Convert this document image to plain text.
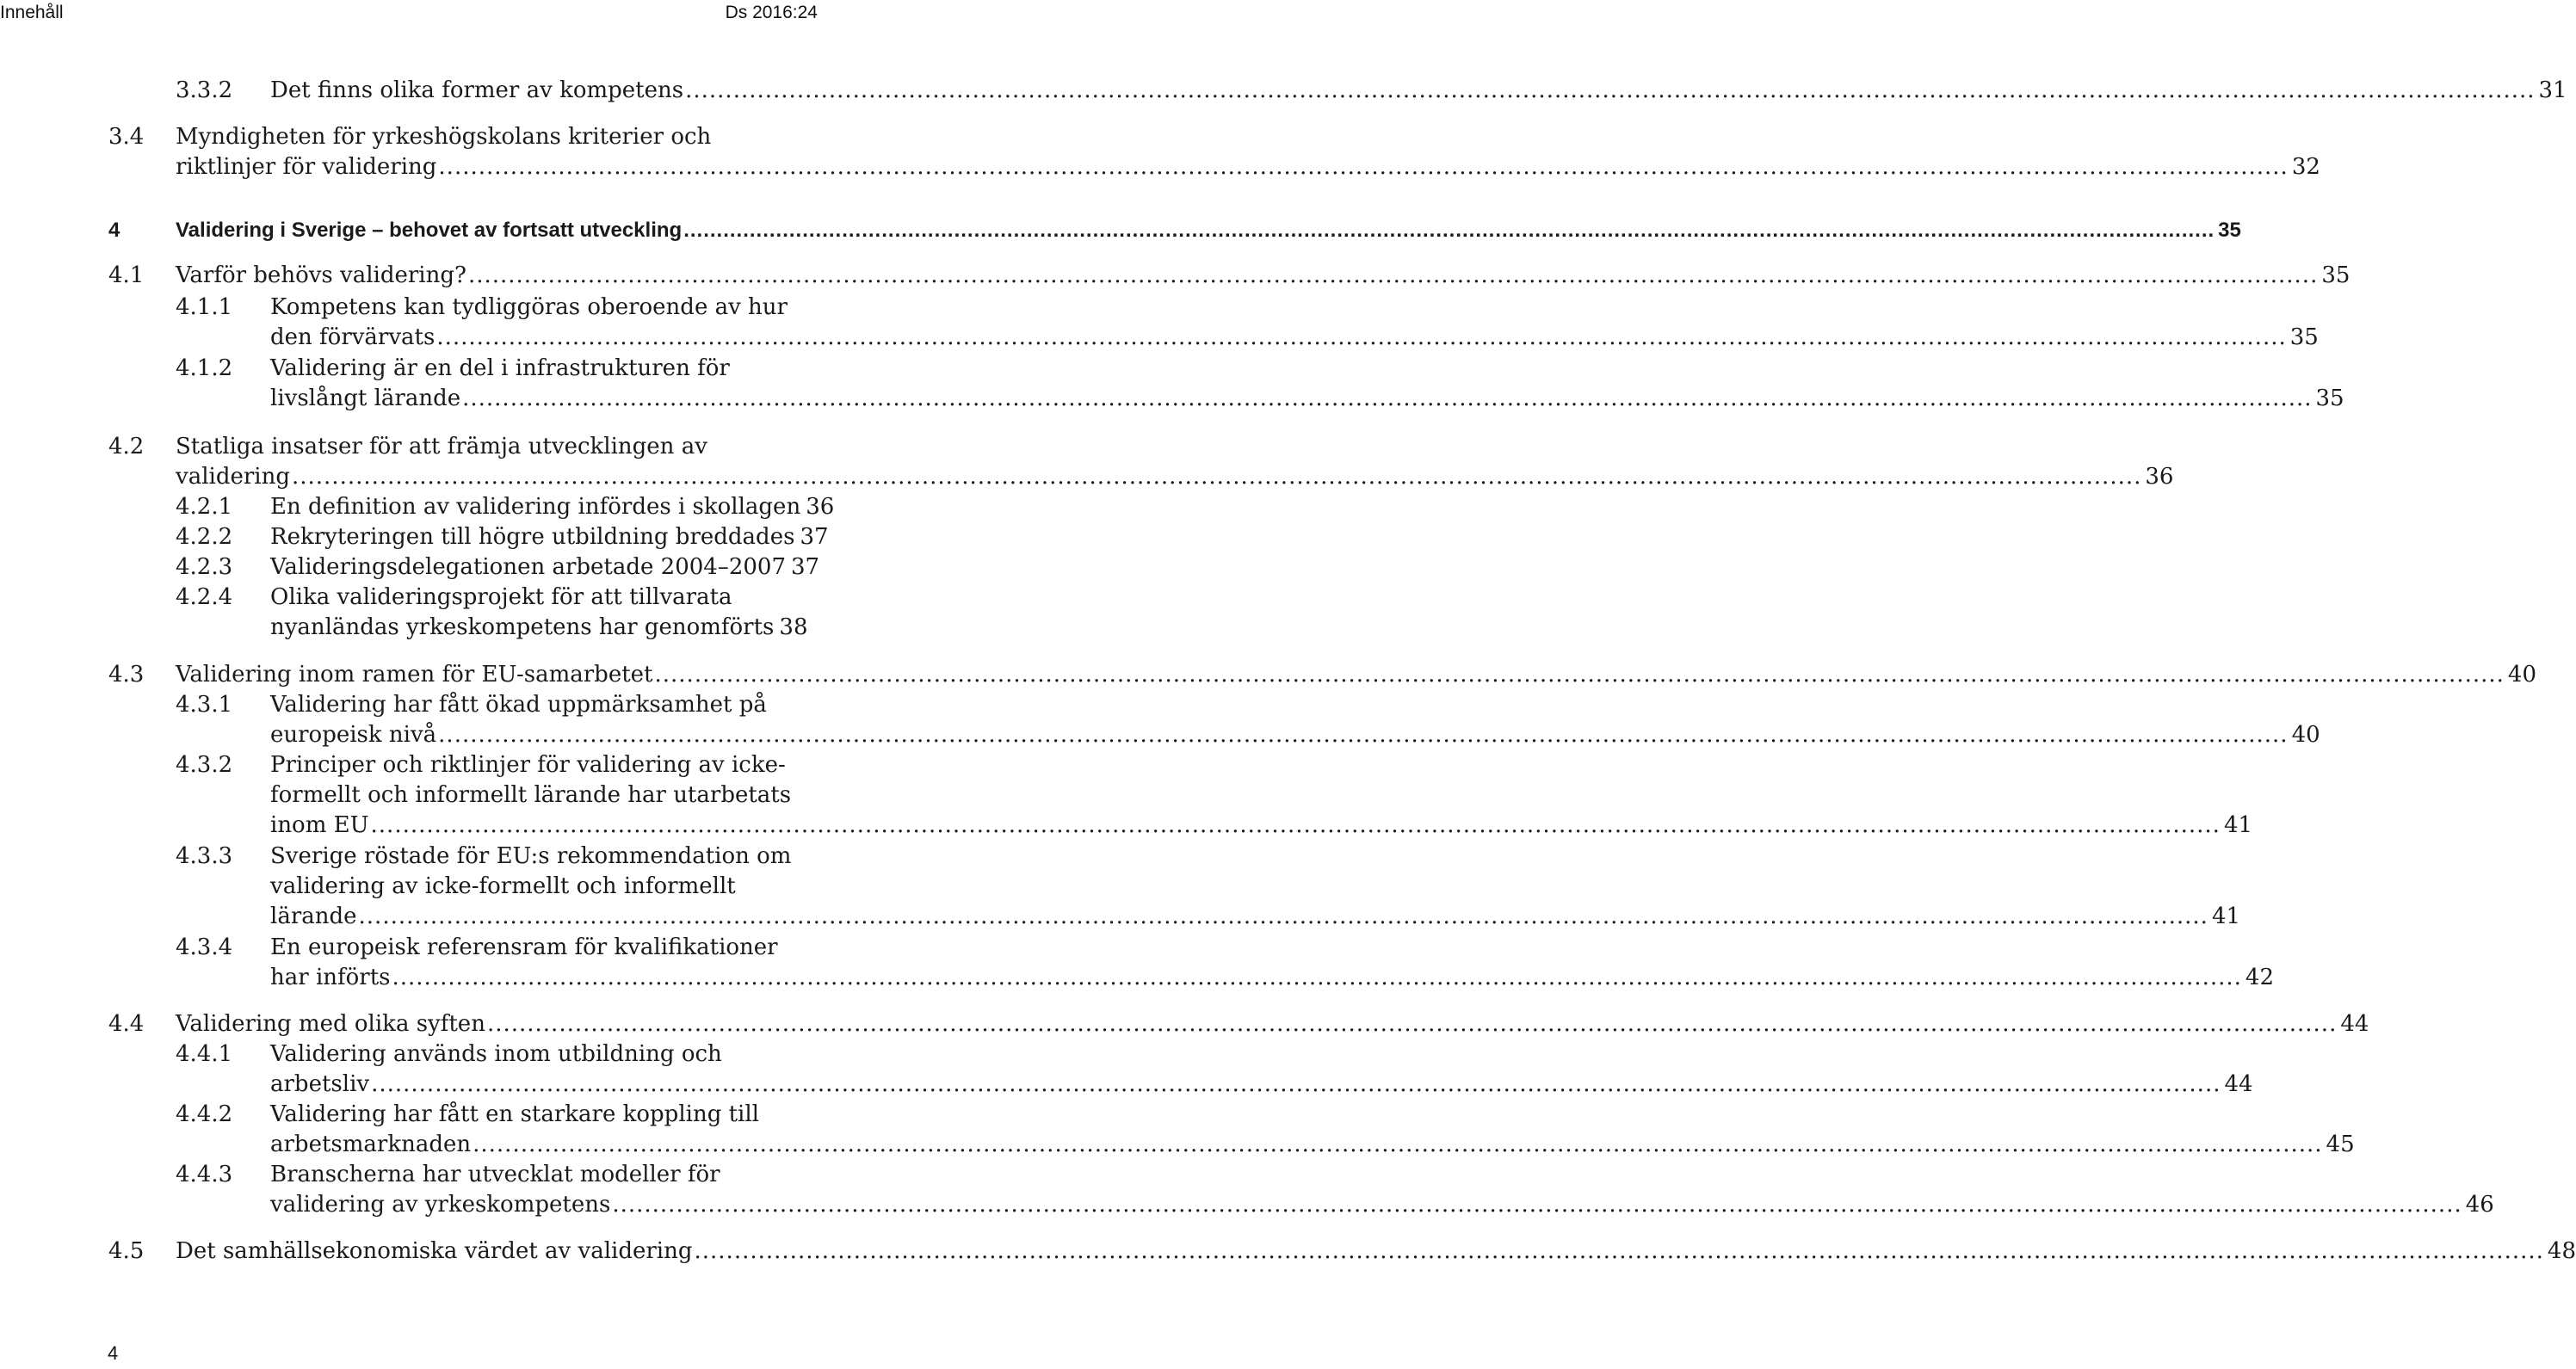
Innehåll	Ds 2016:24
3.3.2 Det finns olika former av kompetens .....	31
3.4 Myndigheten för yrkeshögskolans kriterier och
riktlinjer för validering .....	32
4	Validering i Sverige – behovet av fortsatt utveckling .....	35
4.1 Varför behövs validering? .....	35
4.1.1 Kompetens kan tydliggöras oberoende av hur
den förvärvats .....	35
4.1.2 Validering är en del i infrastrukturen för
livslångt lärande .....	35
4.2 Statliga insatser för att främja utvecklingen av
validering .....	36
4.2.1 En definition av validering infördes i skollagen 36
4.2.2 Rekryteringen till högre utbildning breddades 37
4.2.3 Valideringsdelegationen arbetade 2004–2007 37
4.2.4 Olika valideringsprojekt för att tillvarata
nyanländas yrkeskompetens har genomförts 38
4.3 Validering inom ramen för EU-samarbetet .....	40
4.3.1 Validering har fått ökad uppmärksamhet på
europeisk nivå .....	40
4.3.2 Principer och riktlinjer för validering av icke-
formellt och informellt lärande har utarbetats
inom EU .....	41
4.3.3 Sverige röstade för EU:s rekommendation om
validering av icke-formellt och informellt
lärande .....	41
4.3.4 En europeisk referensram för kvalifikationer
har införts .....	42
4.4 Validering med olika syften .....	44
4.4.1 Validering används inom utbildning och
arbetsliv .....	44
4.4.2 Validering har fått en starkare koppling till
arbetsmarknaden .....	45
4.4.3 Branscherna har utvecklat modeller för
validering av yrkeskompetens .....	46
4.5 Det samhällsekonomiska värdet av validering .....	48
4
